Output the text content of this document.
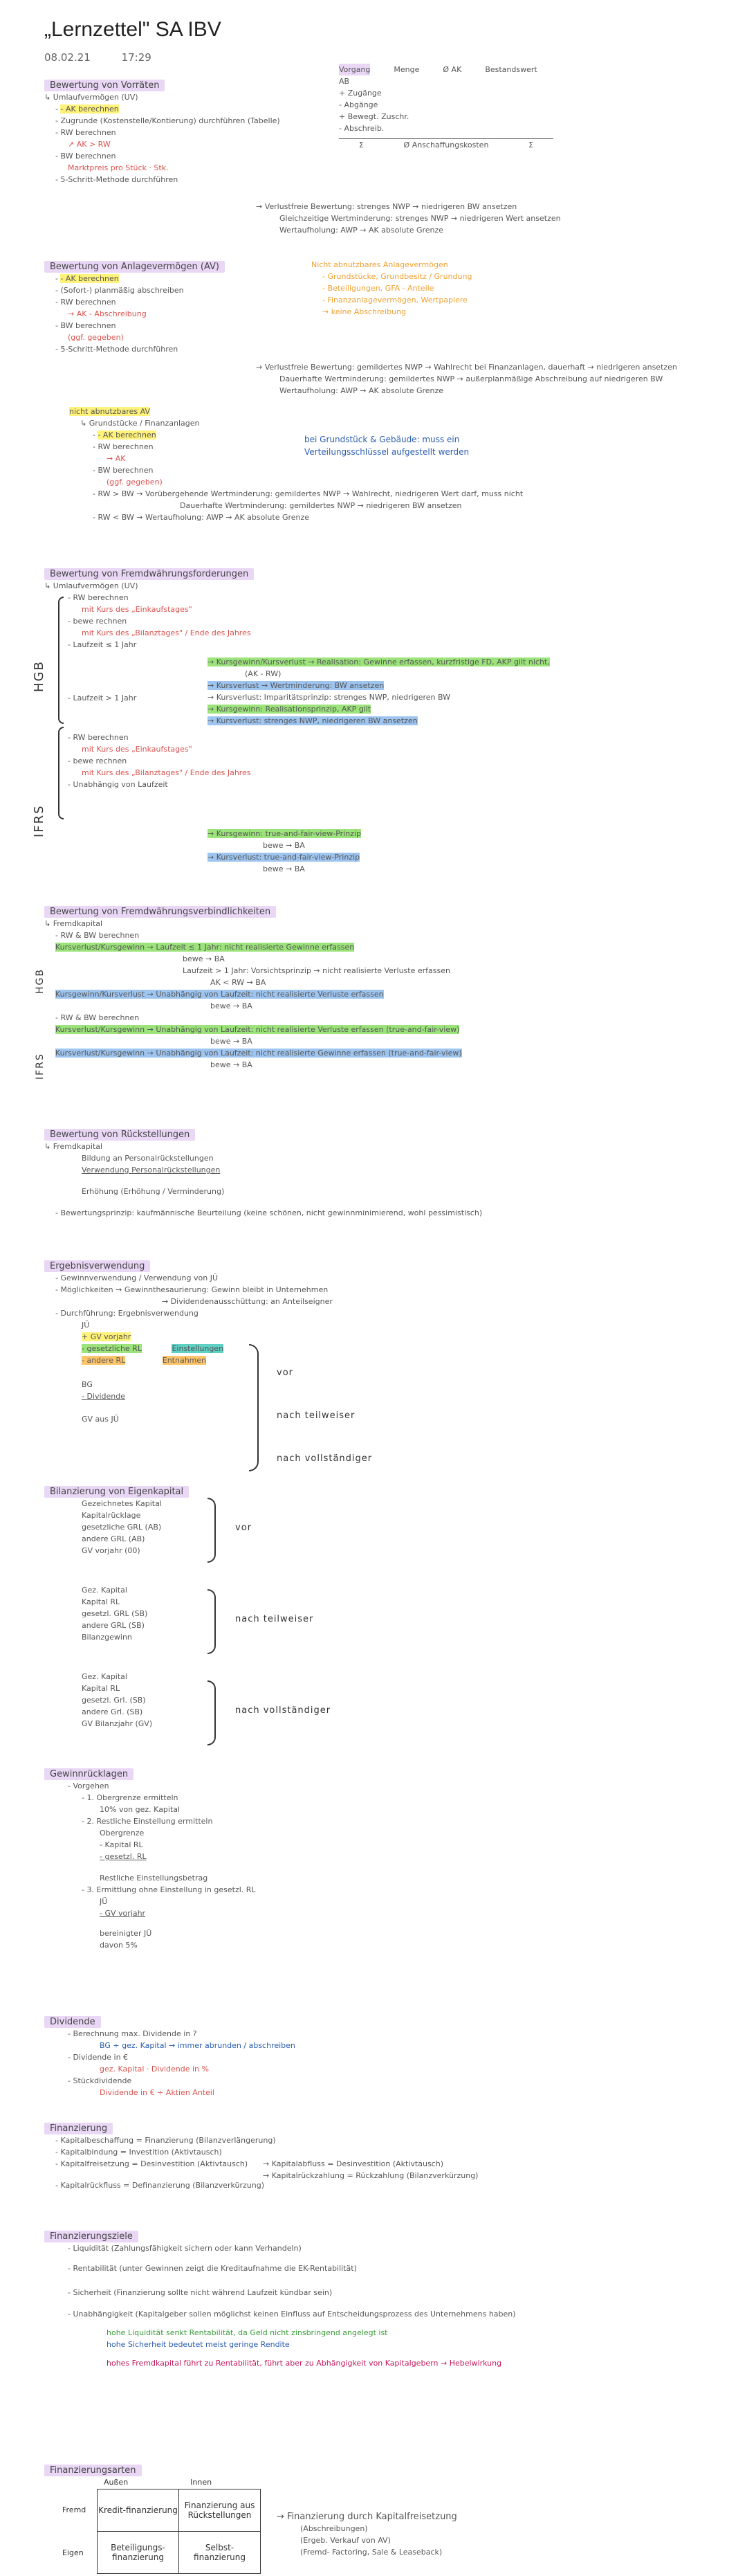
„Lernzettel" SA IBV
08.02.21	17:29
Vorgang	Menge	Ø AK	Bestandswert
AB
+ Zugänge
- Abgänge
+ Bewegt. Zuschr.
- Abschreib.
Σ	Ø Anschaffungskosten	Σ
Bewertung von Vorräten
↳ Umlaufvermögen (UV)
- - AK berechnen
- Zugrunde (Kostenstelle/Kontierung) durchführen (Tabelle)
- RW berechnen
↗ AK > RW
- BW berechnen
Marktpreis pro Stück · Stk.
- 5-Schritt-Methode durchführen
→ Verlustfreie Bewertung: strenges NWP → niedrigeren BW ansetzen
Gleichzeitige Wertminderung: strenges NWP → niedrigeren Wert ansetzen
Wertaufholung: AWP → AK absolute Grenze
Bewertung von Anlagevermögen (AV)
- - AK berechnen
- (Sofort-) planmäßig abschreiben
- RW berechnen
→ AK - Abschreibung
- BW berechnen
(ggf. gegeben)
- 5-Schritt-Methode durchführen
Nicht abnutzbares Anlagevermögen
- Grundstücke, Grundbesitz / Grundung
- Beteiligungen, GFA - Anteile
- Finanzanlagevermögen, Wertpapiere
→ keine Abschreibung
→ Verlustfreie Bewertung: gemildertes NWP → Wahlrecht bei Finanzanlagen, dauerhaft → niedrigeren ansetzen
Dauerhafte Wertminderung: gemildertes NWP → außerplanmäßige Abschreibung auf niedrigeren BW
Wertaufholung: AWP → AK absolute Grenze
nicht abnutzbares AV
↳ Grundstücke / Finanzanlagen
- - AK berechnen
- RW berechnen
→ AK
- BW berechnen
(ggf. gegeben)
- RW > BW → Vorübergehende Wertminderung: gemildertes NWP → Wahlrecht, niedrigeren Wert darf, muss nicht
Dauerhafte Wertminderung: gemildertes NWP → niedrigeren BW ansetzen
- RW < BW → Wertaufholung: AWP → AK absolute Grenze
bei Grundstück & Gebäude: muss ein Verteilungsschlüssel aufgestellt werden
Bewertung von Fremdwährungsforderungen
↳ Umlaufvermögen (UV)
- RW berechnen
mit Kurs des „Einkaufstages"
- bewe rechnen
mit Kurs des „Bilanztages" / Ende des Jahres
- Laufzeit ≤ 1 Jahr
- Laufzeit > 1 Jahr
- RW berechnen
mit Kurs des „Einkaufstages"
- bewe rechnen
mit Kurs des „Bilanztages" / Ende des Jahres
- Unabhängig von Laufzeit
HGB
IFRS
→ Kursgewinn/Kursverlust → Realisation: Gewinne erfassen, kurzfristige FD, AKP gilt nicht,
(AK - RW)
→ Kursverlust → Wertminderung: BW ansetzen
→ Kursverlust: Imparitätsprinzip: strenges NWP, niedrigeren BW
→ Kursgewinn: Realisationsprinzip, AKP gilt
→ Kursverlust: strenges NWP, niedrigeren BW ansetzen
→ Kursgewinn: true-and-fair-view-Prinzip
bewe → BA
→ Kursverlust: true-and-fair-view-Prinzip
bewe → BA
Bewertung von Fremdwährungsverbindlichkeiten
↳ Fremdkapital
- RW & BW berechnen
Kursverlust/Kursgewinn → Laufzeit ≤ 1 Jahr: nicht realisierte Gewinne erfassen
bewe → BA
Laufzeit > 1 Jahr: Vorsichtsprinzip → nicht realisierte Verluste erfassen
AK < RW → BA
Kursgewinn/Kursverlust → Unabhängig von Laufzeit: nicht realisierte Verluste erfassen
bewe → BA
- RW & BW berechnen
Kursverlust/Kursgewinn → Unabhängig von Laufzeit: nicht realisierte Verluste erfassen (true-and-fair-view)
bewe → BA
Kursverlust/Kursgewinn → Unabhängig von Laufzeit: nicht realisierte Gewinne erfassen (true-and-fair-view)
bewe → BA
HGB
IFRS
Bewertung von Rückstellungen
↳ Fremdkapital
Bildung an Personalrückstellungen
Verwendung Personalrückstellungen
Erhöhung (Erhöhung / Verminderung)
- Bewertungsprinzip: kaufmännische Beurteilung (keine schönen, nicht gewinnminimierend, wohl pessimistisch)
Ergebnisverwendung
- Gewinnverwendung / Verwendung von JÜ
- Möglichkeiten → Gewinnthesaurierung: Gewinn bleibt in Unternehmen
→ Dividendenausschüttung: an Anteilseigner
- Durchführung: Ergebnisverwendung
JÜ
+ GV vorjahr
- gesetzliche RL	Einstellungen
- andere RL	Entnahmen
BG
- Dividende
GV aus JÜ
vor
nach teilweiser
nach vollständiger
Bilanzierung von Eigenkapital
Gezeichnetes Kapital
Kapitalrücklage
gesetzliche GRL (AB)
andere GRL (AB)
GV vorjahr (00)
Gez. Kapital
Kapital RL
gesetzl. GRL (SB)
andere GRL (SB)
Bilanzgewinn
Gez. Kapital
Kapital RL
gesetzl. Grl. (SB)
andere Grl. (SB)
GV Bilanzjahr (GV)
vor
nach teilweiser
nach vollständiger
Gewinnrücklagen
- Vorgehen
- 1. Obergrenze ermitteln
10% von gez. Kapital
- 2. Restliche Einstellung ermitteln
Obergrenze
- Kapital RL
- gesetzl. RL
Restliche Einstellungsbetrag
- 3. Ermittlung ohne Einstellung in gesetzl. RL
JÜ
- GV vorjahr
bereinigter JÜ
davon 5%
Dividende
- Berechnung max. Dividende in ?
BG ÷ gez. Kapital → immer abrunden / abschreiben
- Dividende in €
gez. Kapital · Dividende in %
- Stückdividende
Dividende in € ÷ Aktien Anteil
Finanzierung
- Kapitalbeschaffung = Finanzierung (Bilanzverlängerung)
- Kapitalbindung = Investition (Aktivtausch)
- Kapitalfreisetzung = Desinvestition (Aktivtausch)
- Kapitalrückfluss = Definanzierung (Bilanzverkürzung)
→ Kapitalabfluss = Desinvestition (Aktivtausch)
→ Kapitalrückzahlung = Rückzahlung (Bilanzverkürzung)
Finanzierungsziele
- Liquidität (Zahlungsfähigkeit sichern oder kann Verhandeln)
- Rentabilität (unter Gewinnen zeigt die Kreditaufnahme die EK-Rentabilität)
- Sicherheit (Finanzierung sollte nicht während Laufzeit kündbar sein)
- Unabhängigkeit (Kapitalgeber sollen möglichst keinen Einfluss auf Entscheidungsprozess des Unternehmens haben)
hohe Liquidität senkt Rentabilität, da Geld nicht zinsbringend angelegt ist
hohe Sicherheit bedeutet meist geringe Rendite
hohes Fremdkapital führt zu Rentabilität, führt aber zu Abhängigkeit von Kapitalgebern → Hebelwirkung
Finanzierungsarten
Außen	Innen
Fremd
Eigen
Kredit-finanzierung	Finanzierung aus Rückstellungen
Beteiligungs-finanzierung	Selbst-finanzierung
→ Finanzierung durch Kapitalfreisetzung
(Abschreibungen)
(Ergeb. Verkauf von AV)
(Fremd- Factoring, Sale & Leaseback)
